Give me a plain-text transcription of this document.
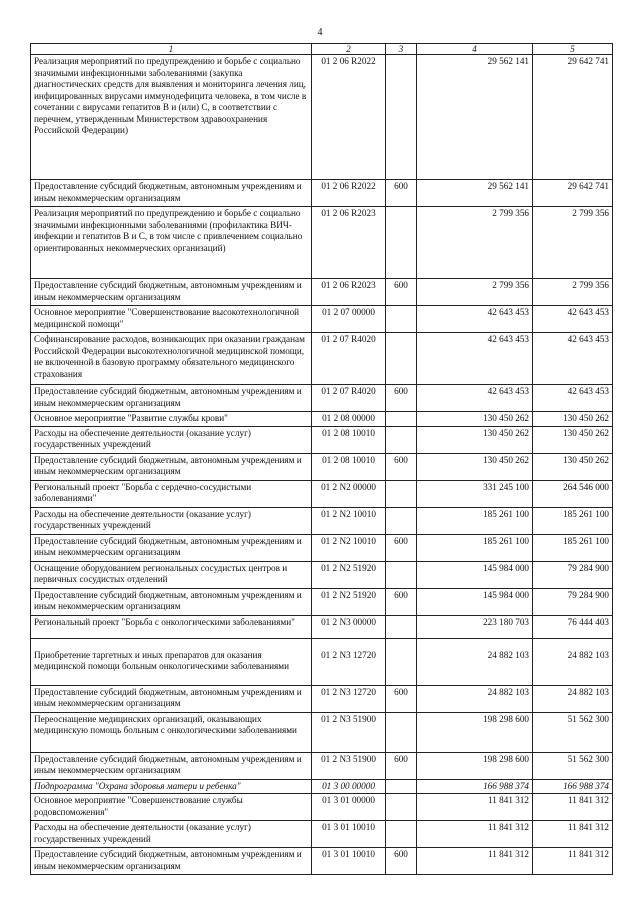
4
1	2	3	4	5
Реализация мероприятий по предупреждению и борьбе с социально значимыми инфекционными заболеваниями (закупка диагностических средств для выявления и мониторинга лечения лиц, инфицированных вирусами иммунодефицита человека, в том числе в сочетании с вирусами гепатитов В и (или) С, в соответствии с перечнем, утвержденным Министерством здравоохранения Российской Федерации)	01 2 06 R2022		29 562 141	29 642 741
Предоставление субсидий бюджетным, автономным учреждениям и иным некоммерческим организациям	01 2 06 R2022	600	29 562 141	29 642 741
Реализация мероприятий по предупреждению и борьбе с социально значимыми инфекционными заболеваниями (профилактика ВИЧ-инфекции и гепатитов В и С, в том числе с привлечением социально ориентированных некоммерческих организаций)	01 2 06 R2023		2 799 356	2 799 356
Предоставление субсидий бюджетным, автономным учреждениям и иным некоммерческим организациям	01 2 06 R2023	600	2 799 356	2 799 356
Основное мероприятие "Совершенствование высокотехнологичной медицинской помощи"	01 2 07 00000		42 643 453	42 643 453
Софинансирование расходов, возникающих при оказании гражданам Российской Федерации высокотехнологичной медицинской помощи, не включенной в базовую программу обязательного медицинского страхования	01 2 07 R4020		42 643 453	42 643 453
Предоставление субсидий бюджетным, автономным учреждениям и иным некоммерческим организациям	01 2 07 R4020	600	42 643 453	42 643 453
Основное мероприятие "Развитие службы крови"	01 2 08 00000		130 450 262	130 450 262
Расходы на обеспечение деятельности (оказание услуг) государственных учреждений	01 2 08 10010		130 450 262	130 450 262
Предоставление субсидий бюджетным, автономным учреждениям и иным некоммерческим организациям	01 2 08 10010	600	130 450 262	130 450 262
Региональный проект "Борьба с сердечно-сосудистыми заболеваниями"	01 2 N2 00000		331 245 100	264 546 000
Расходы на обеспечение деятельности (оказание услуг) государственных учреждений	01 2 N2 10010		185 261 100	185 261 100
Предоставление субсидий бюджетным, автономным учреждениям и иным некоммерческим организациям	01 2 N2 10010	600	185 261 100	185 261 100
Оснащение оборудованием региональных сосудистых центров и первичных сосудистых отделений	01 2 N2 51920		145 984 000	79 284 900
Предоставление субсидий бюджетным, автономным учреждениям и иным некоммерческим организациям	01 2 N2 51920	600	145 984 000	79 284 900
Региональный проект "Борьба с онкологическими заболеваниями"	01 2 N3 00000		223 180 703	76 444 403
Приобретение таргетных и иных препаратов для оказания медицинской помощи больным онкологическими заболеваниями	01 2 N3 12720		24 882 103	24 882 103
Предоставление субсидий бюджетным, автономным учреждениям и иным некоммерческим организациям	01 2 N3 12720	600	24 882 103	24 882 103
Переоснащение медицинских организаций, оказывающих медицинскую помощь больным с онкологическими заболеваниями	01 2 N3 51900		198 298 600	51 562 300
Предоставление субсидий бюджетным, автономным учреждениям и иным некоммерческим организациям	01 2 N3 51900	600	198 298 600	51 562 300
Подпрограмма "Охрана здоровья матери и ребенка"	01 3 00 00000		166 988 374	166 988 374
Основное мероприятие "Совершенствование службы родовспоможения"	01 3 01 00000		11 841 312	11 841 312
Расходы на обеспечение деятельности (оказание услуг) государственных учреждений	01 3 01 10010		11 841 312	11 841 312
Предоставление субсидий бюджетным, автономным учреждениям и иным некоммерческим организациям	01 3 01 10010	600	11 841 312	11 841 312
